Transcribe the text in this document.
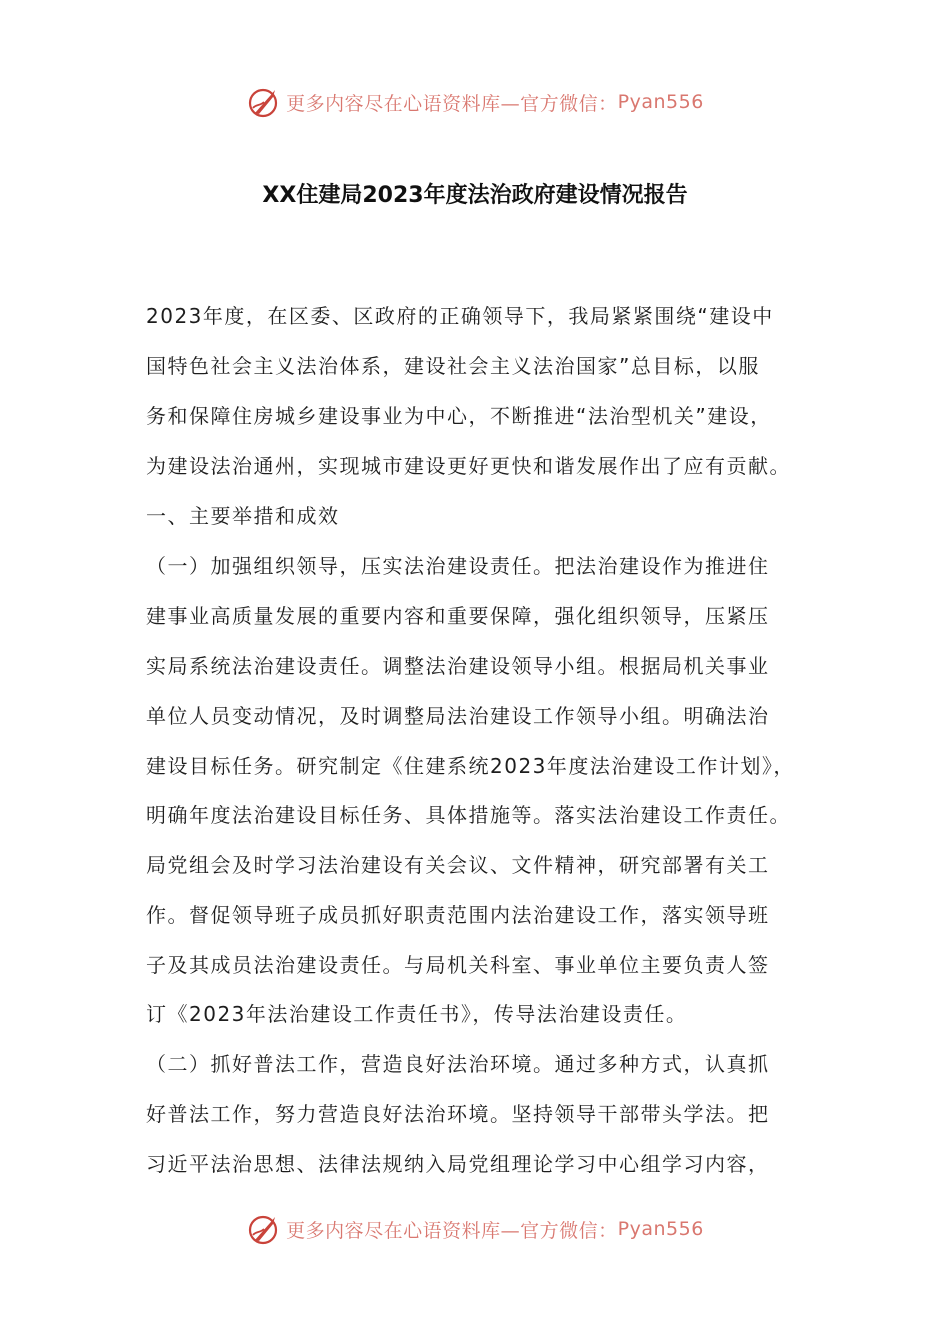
更多内容尽在心语资料库—官方微信： Pyan556
XX住建局2023年度法治政府建设情况报告
2023年度，在区委、区政府的正确领导下，我局紧紧围绕“建设中
国特色社会主义法治体系，建设社会主义法治国家”总目标，以服
务和保障住房城乡建设事业为中心，不断推进“法治型机关”建设，
为建设法治通州，实现城市建设更好更快和谐发展作出了应有贡献。
一、主要举措和成效
（一）加强组织领导，压实法治建设责任。把法治建设作为推进住
建事业高质量发展的重要内容和重要保障，强化组织领导，压紧压
实局系统法治建设责任。调整法治建设领导小组。根据局机关事业
单位人员变动情况，及时调整局法治建设工作领导小组。明确法治
建设目标任务。研究制定《住建系统2023年度法治建设工作计划》，
明确年度法治建设目标任务、具体措施等。落实法治建设工作责任。
局党组会及时学习法治建设有关会议、文件精神，研究部署有关工
作。督促领导班子成员抓好职责范围内法治建设工作，落实领导班
子及其成员法治建设责任。与局机关科室、事业单位主要负责人签
订《2023年法治建设工作责任书》，传导法治建设责任。
（二）抓好普法工作，营造良好法治环境。通过多种方式，认真抓
好普法工作，努力营造良好法治环境。坚持领导干部带头学法。把
习近平法治思想、法律法规纳入局党组理论学习中心组学习内容，
更多内容尽在心语资料库—官方微信： Pyan556
